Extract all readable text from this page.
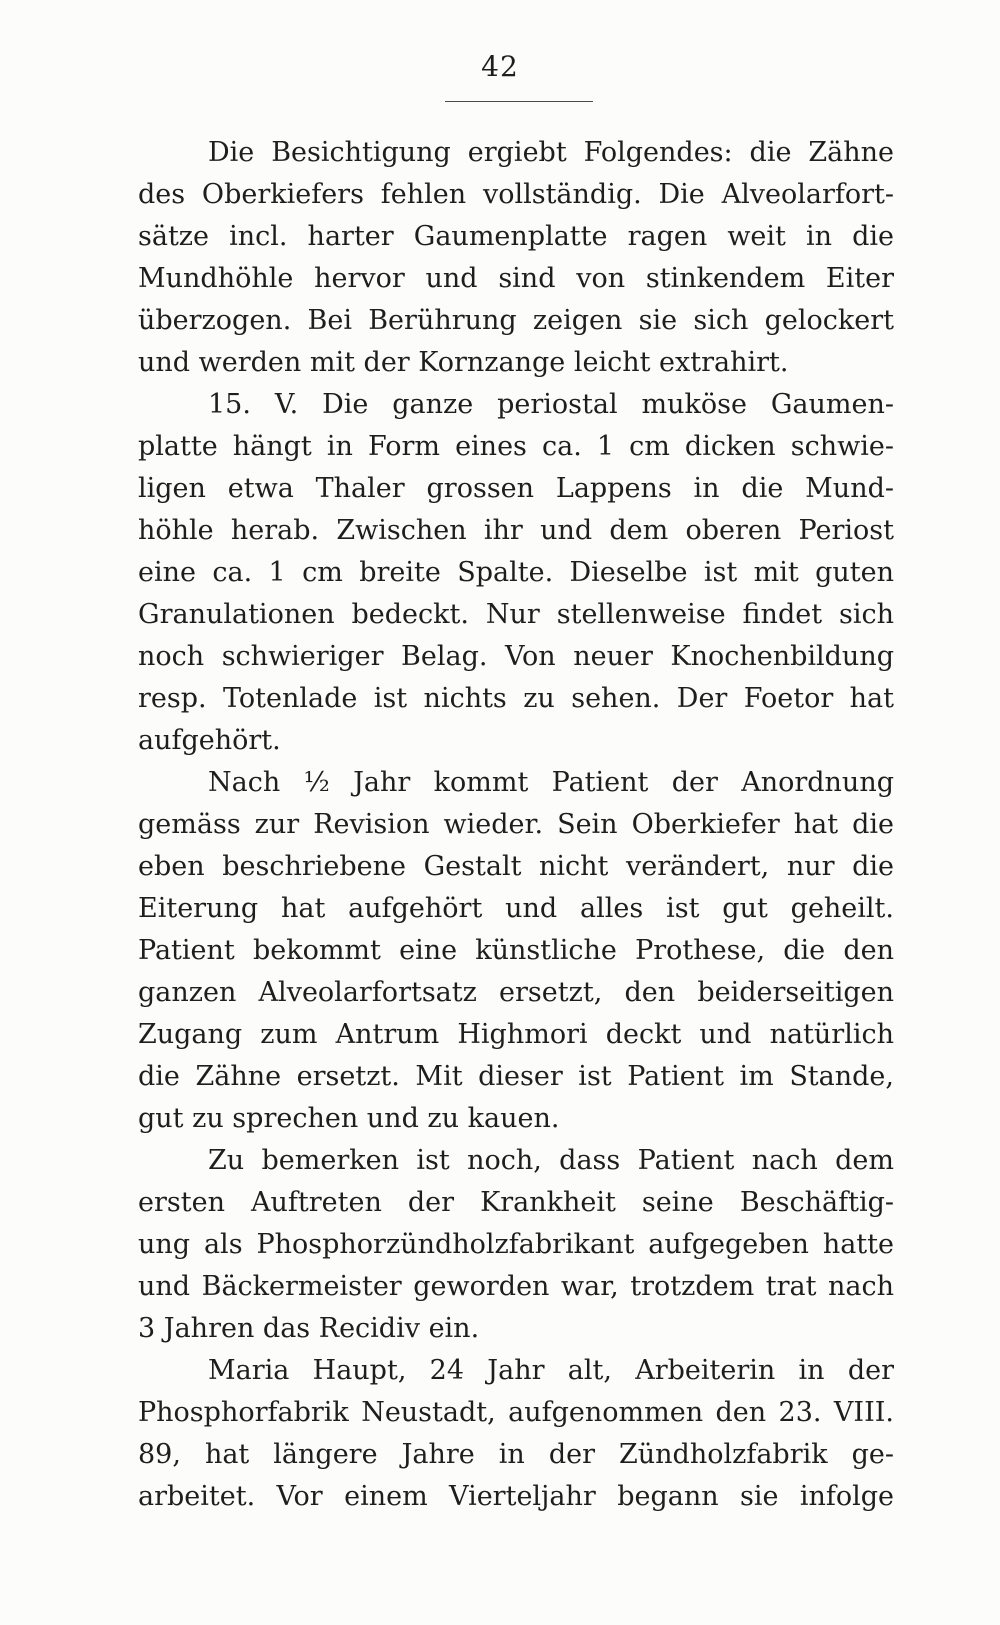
42
Die Besichtigung ergiebt Folgendes: die Zähne
des Oberkiefers fehlen vollständig. Die Alveolarfort-
sätze incl. harter Gaumenplatte ragen weit in die
Mundhöhle hervor und sind von stinkendem Eiter
überzogen. Bei Berührung zeigen sie sich gelockert
und werden mit der Kornzange leicht extrahirt.
15. V. Die ganze periostal muköse Gaumen-
platte hängt in Form eines ca. 1 cm dicken schwie-
ligen etwa Thaler grossen Lappens in die Mund-
höhle herab. Zwischen ihr und dem oberen Periost
eine ca. 1 cm breite Spalte. Dieselbe ist mit guten
Granulationen bedeckt. Nur stellenweise findet sich
noch schwieriger Belag. Von neuer Knochenbildung
resp. Totenlade ist nichts zu sehen. Der Foetor hat
aufgehört.
Nach ½ Jahr kommt Patient der Anordnung
gemäss zur Revision wieder. Sein Oberkiefer hat die
eben beschriebene Gestalt nicht verändert, nur die
Eiterung hat aufgehört und alles ist gut geheilt.
Patient bekommt eine künstliche Prothese, die den
ganzen Alveolarfortsatz ersetzt, den beiderseitigen
Zugang zum Antrum Highmori deckt und natürlich
die Zähne ersetzt. Mit dieser ist Patient im Stande,
gut zu sprechen und zu kauen.
Zu bemerken ist noch, dass Patient nach dem
ersten Auftreten der Krankheit seine Beschäftig-
ung als Phosphorzündholzfabrikant aufgegeben hatte
und Bäckermeister geworden war, trotzdem trat nach
3 Jahren das Recidiv ein.
Maria Haupt, 24 Jahr alt, Arbeiterin in der
Phosphorfabrik Neustadt, aufgenommen den 23. VIII.
89, hat längere Jahre in der Zündholzfabrik ge-
arbeitet. Vor einem Vierteljahr begann sie infolge
